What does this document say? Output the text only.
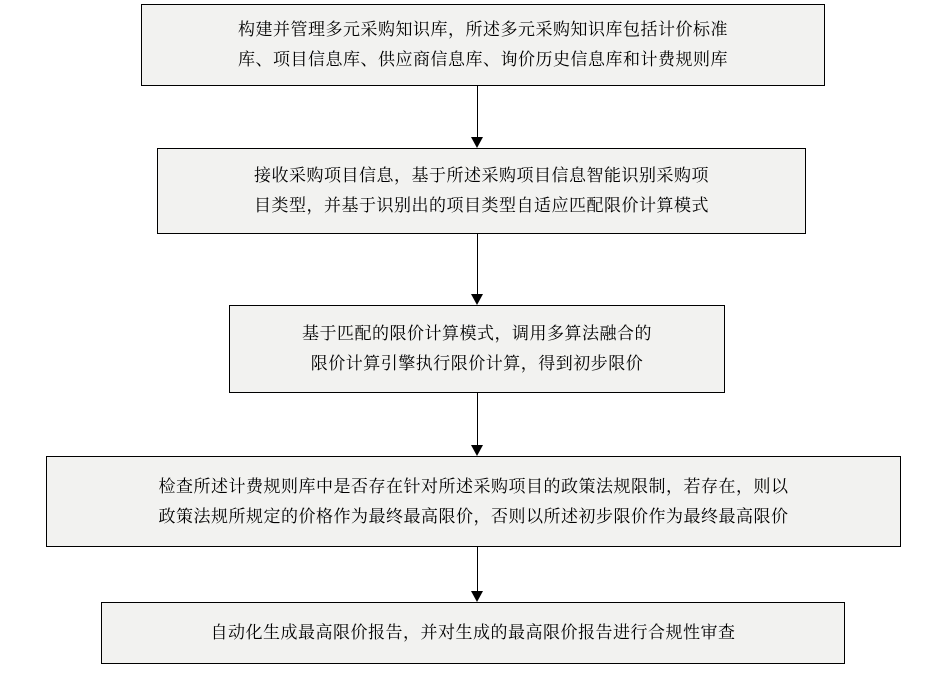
构建并管理多元采购知识库，所述多元采购知识库包括计价标准
库、项目信息库、供应商信息库、询价历史信息库和计费规则库
接收采购项目信息，基于所述采购项目信息智能识别采购项
目类型，并基于识别出的项目类型自适应匹配限价计算模式
基于匹配的限价计算模式，调用多算法融合的
限价计算引擎执行限价计算，得到初步限价
检查所述计费规则库中是否存在针对所述采购项目的政策法规限制，若存在，则以
政策法规所规定的价格作为最终最高限价，否则以所述初步限价作为最终最高限价
自动化生成最高限价报告，并对生成的最高限价报告进行合规性审查
